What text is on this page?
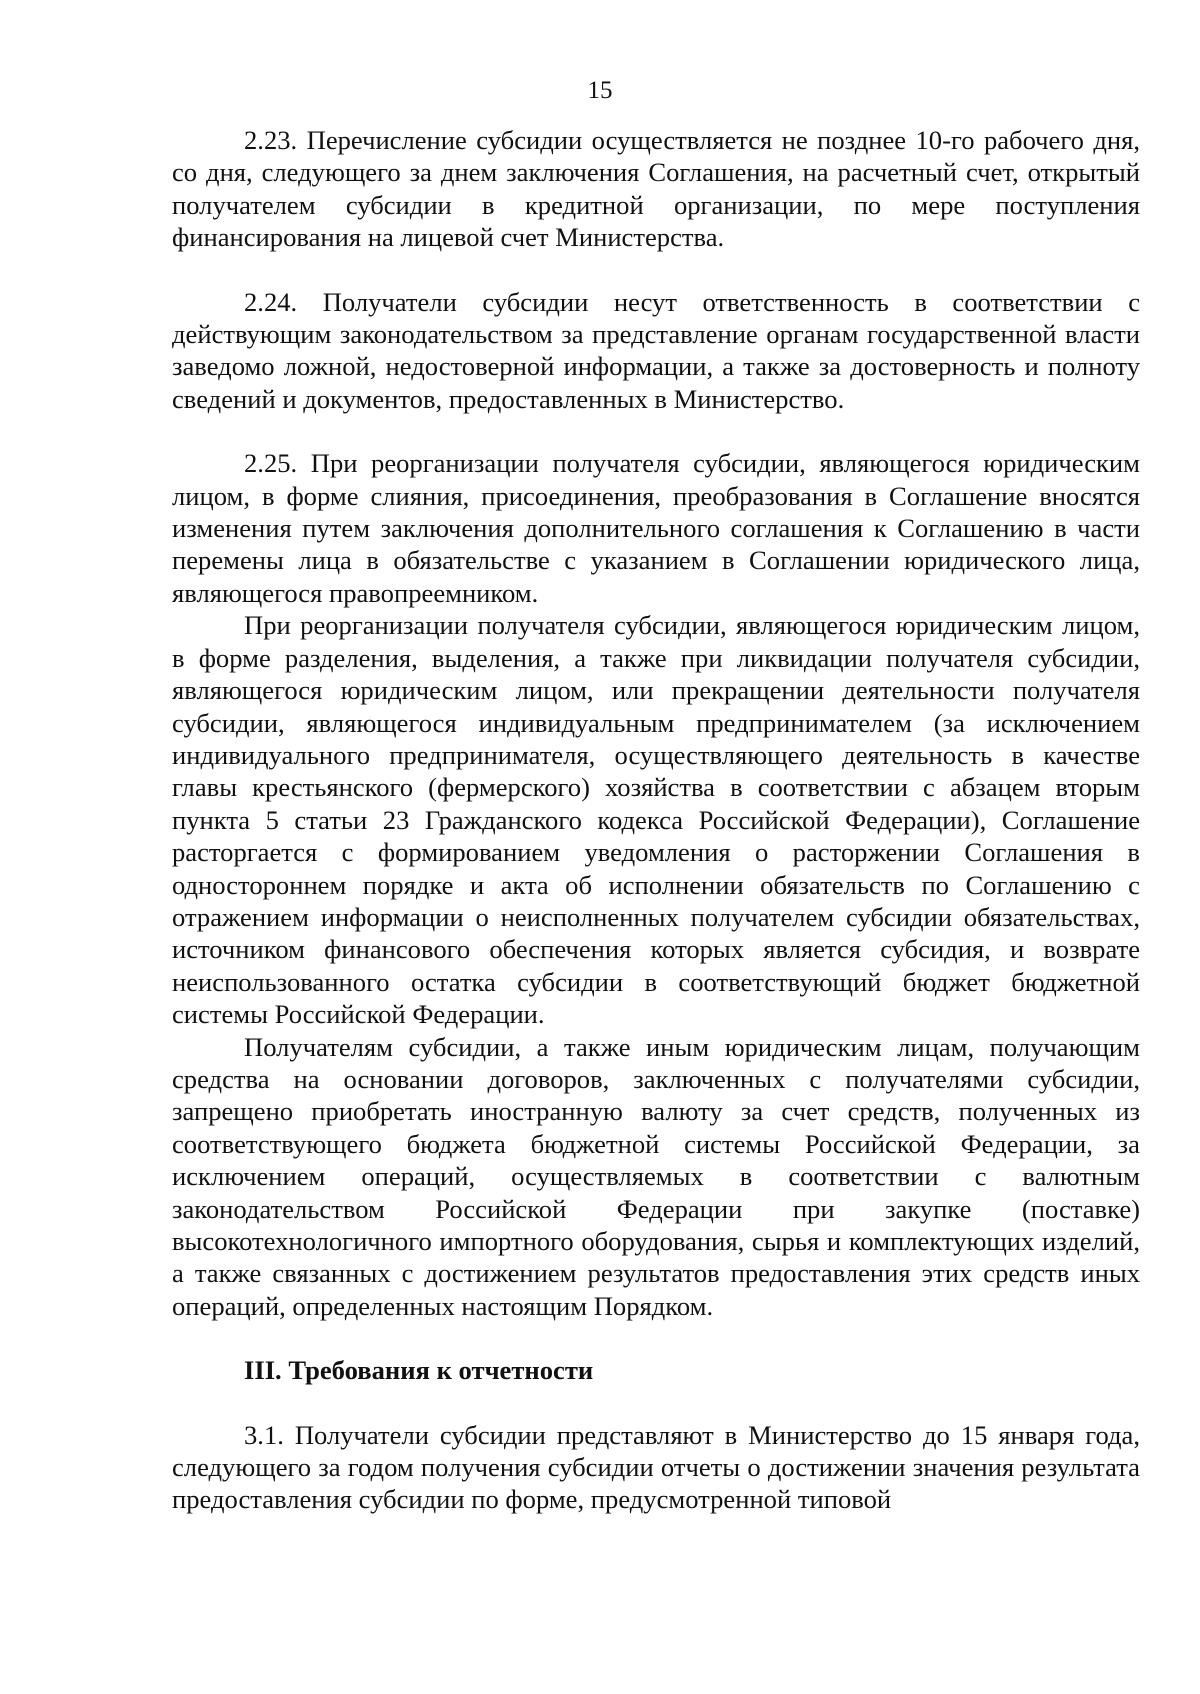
15

2.23. Перечисление субсидии осуществляется не позднее 10-го рабочего дня, со дня, следующего за днем заключения Соглашения, на расчетный счет, открытый получателем субсидии в кредитной организации, по мере поступления финансирования на лицевой счет Министерства.

2.24. Получатели субсидии несут ответственность в соответствии с действующим законодательством за представление органам государственной власти заведомо ложной, недостоверной информации, а также за достоверность и полноту сведений и документов, предоставленных в Министерство.

2.25. При реорганизации получателя субсидии, являющегося юридическим лицом, в форме слияния, присоединения, преобразования в Соглашение вносятся изменения путем заключения дополнительного соглашения к Соглашению в части перемены лица в обязательстве с указанием в Соглашении юридического лица, являющегося правопреемником.

При реорганизации получателя субсидии, являющегося юридическим лицом, в форме разделения, выделения, а также при ликвидации получателя субсидии, являющегося юридическим лицом, или прекращении деятельности получателя субсидии, являющегося индивидуальным предпринимателем (за исключением индивидуального предпринимателя, осуществляющего деятельность в качестве главы крестьянского (фермерского) хозяйства в соответствии с абзацем вторым пункта 5 статьи 23 Гражданского кодекса Российской Федерации), Соглашение расторгается с формированием уведомления о расторжении Соглашения в одностороннем порядке и акта об исполнении обязательств по Соглашению с отражением информации о неисполненных получателем субсидии обязательствах, источником финансового обеспечения которых является субсидия, и возврате неиспользованного остатка субсидии в соответствующий бюджет бюджетной системы Российской Федерации.

Получателям субсидии, а также иным юридическим лицам, получающим средства на основании договоров, заключенных с получателями субсидии, запрещено приобретать иностранную валюту за счет средств, полученных из соответствующего бюджета бюджетной системы Российской Федерации, за исключением операций, осуществляемых в соответствии с валютным законодательством Российской Федерации при закупке (поставке) высокотехнологичного импортного оборудования, сырья и комплектующих изделий, а также связанных с достижением результатов предоставления этих средств иных операций, определенных настоящим Порядком.

III. Требования к отчетности

3.1. Получатели субсидии представляют в Министерство до 15 января года, следующего за годом получения субсидии отчеты о достижении значения результата предоставления субсидии по форме, предусмотренной типовой
